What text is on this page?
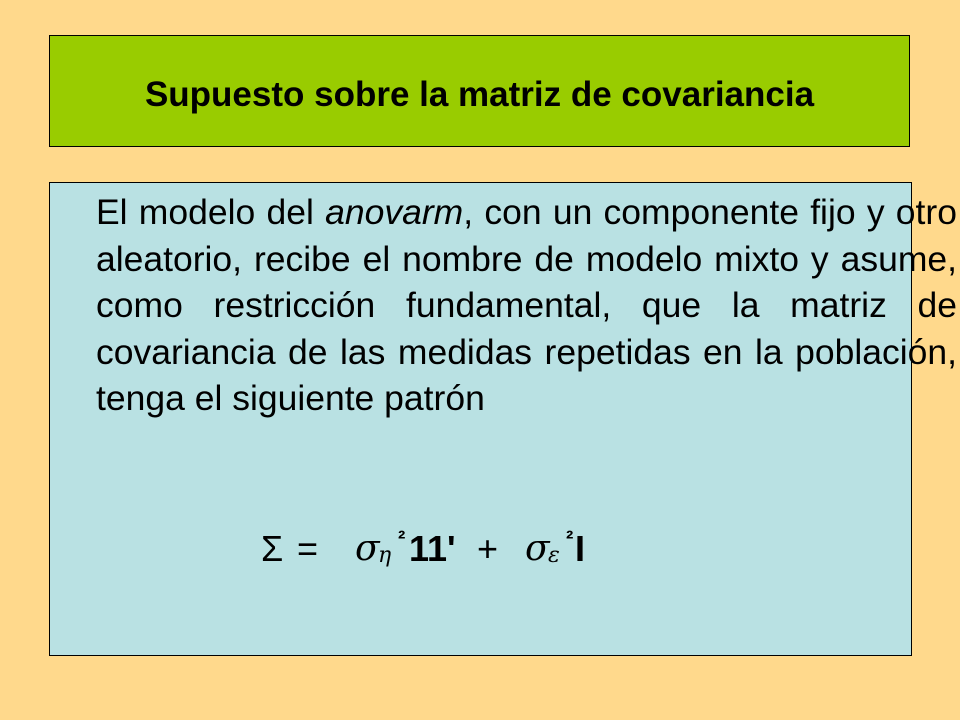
Supuesto sobre la matriz de covariancia

El modelo del anovarm, con un componente fijo y otro aleatorio, recibe el nombre de modelo mixto y asume, como restricción fundamental, que la matriz de covariancia de las medidas repetidas en la población, tenga el siguiente patrón

Σ = σ
η
² 11' + σ
ε
² I
